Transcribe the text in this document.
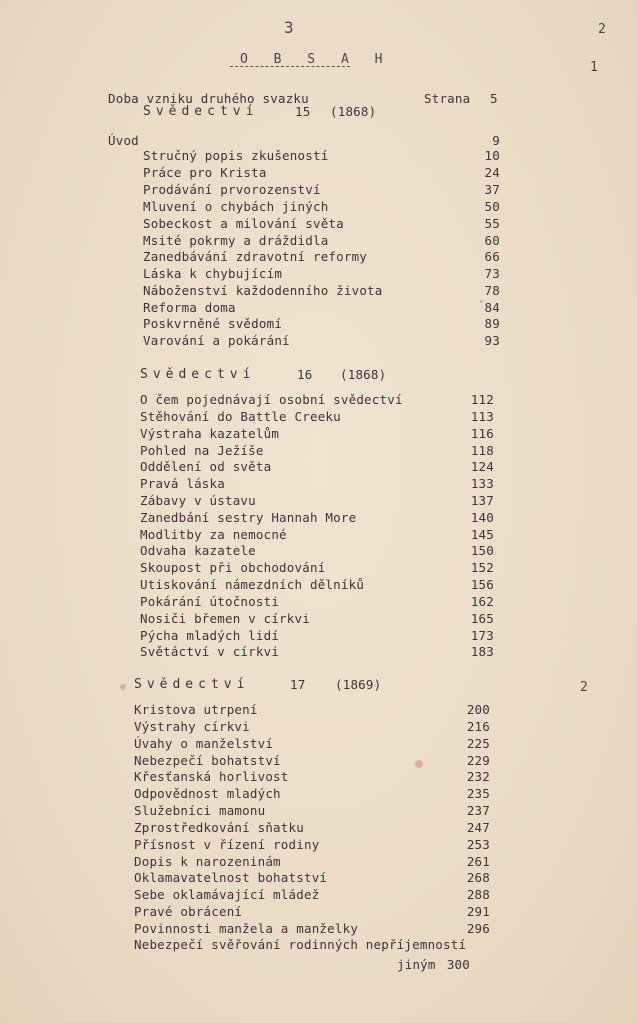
3	2
O B S A H
1
2
Doba vzniku druhého svazku	Strana 5
Svědectví	15 (1868)
Úvod	9
Stručný popis zkušeností	10
Práce pro Krista	24
Prodávání prvorozenství	37
Mluvení o chybách jiných	50
Sobeckost a milování světa	55
Msité pokrmy a dráždidla	60
Zanedbávání zdravotní reformy	66
Láska k chybujícím	73
Náboženství každodenního života	78
Reforma doma	84
Poskvrněné svědomí	89
Varování a pokárání	93
Svědectví	16 (1868)
O čem pojednávají osobní svědectví	112
Stěhování do Battle Creeku	113
Výstraha kazatelům	116
Pohled na Ježíše	118
Oddělení od světa	124
Pravá láska	133
Zábavy v ústavu	137
Zanedbání sestry Hannah More	140
Modlitby za nemocné	145
Odvaha kazatele	150
Skoupost při obchodování	152
Utiskování námezdních dělníků	156
Pokárání útočnosti	162
Nosiči břemen v církvi	165
Pýcha mladých lidí	173
Světáctví v církvi	183
Svědectví	17 (1869)
Kristova utrpení	200
Výstrahy církvi	216
Úvahy o manželství	225
Nebezpečí bohatství	229
Křesťanská horlivost	232
Odpovědnost mladých	235
Služebníci mamonu	237
Zprostředkování sňatku	247
Přísnost v řízení rodiny	253
Dopis k narozeninám	261
Oklamavatelnost bohatství	268
Sebe oklamávající mládež	288
Pravé obrácení	291
Povinnosti manžela a manželky	296
Nebezpečí svěřování rodinných nepříjemností
jiným 300
